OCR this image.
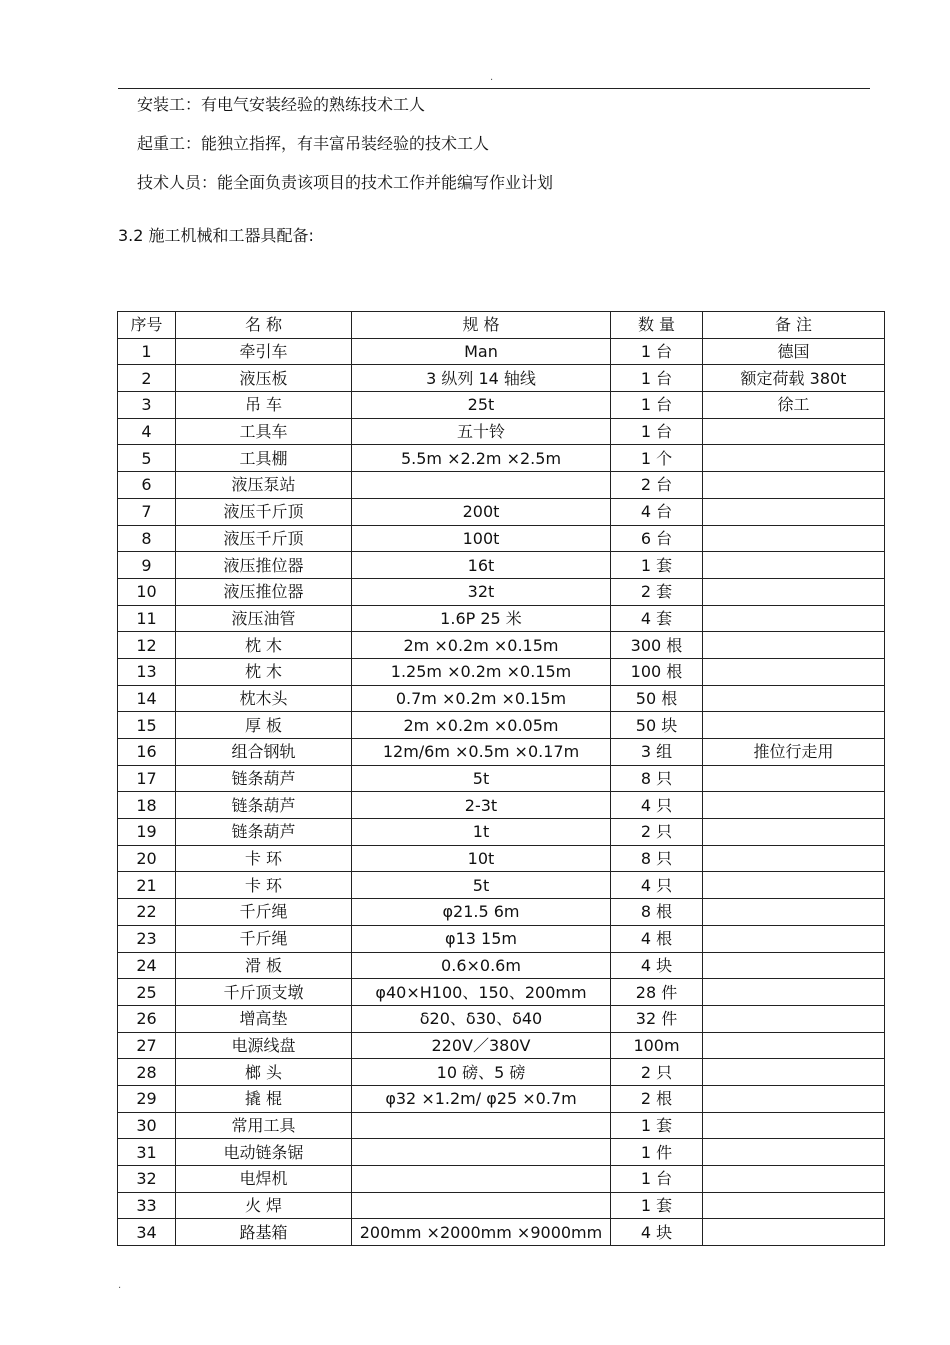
.
安装工：有电气安装经验的熟练技术工人
起重工：能独立指挥，有丰富吊装经验的技术工人
技术人员：能全面负责该项目的技术工作并能编写作业计划
3.2 施工机械和工器具配备:
序号	名 称	规 格	数 量	备 注
1	牵引车	Man	1 台	德国
2	液压板	3 纵列 14 轴线	1 台	额定荷载 380t
3	吊 车	25t	1 台	徐工
4	工具车	五十铃	1 台	
5	工具棚	5.5m ×2.2m ×2.5m	1 个	
6	液压泵站		2 台	
7	液压千斤顶	200t	4 台	
8	液压千斤顶	100t	6 台	
9	液压推位器	16t	1 套	
10	液压推位器	32t	2 套	
11	液压油管	1.6P 25 米	4 套	
12	枕 木	2m ×0.2m ×0.15m	300 根	
13	枕 木	1.25m ×0.2m ×0.15m	100 根	
14	枕木头	0.7m ×0.2m ×0.15m	50 根	
15	厚 板	2m ×0.2m ×0.05m	50 块	
16	组合钢轨	12m/6m ×0.5m ×0.17m	3 组	推位行走用
17	链条葫芦	5t	8 只	
18	链条葫芦	2-3t	4 只	
19	链条葫芦	1t	2 只	
20	卡 环	10t	8 只	
21	卡 环	5t	4 只	
22	千斤绳	φ21.5 6m	8 根	
23	千斤绳	φ13 15m	4 根	
24	滑 板	0.6×0.6m	4 块	
25	千斤顶支墩	φ40×H100、150、200mm	28 件	
26	增高垫	δ20、δ30、δ40	32 件	
27	电源线盘	220V／380V	100m	
28	榔 头	10 磅、5 磅	2 只	
29	撬 棍	φ32 ×1.2m/ φ25 ×0.7m	2 根	
30	常用工具		1 套	
31	电动链条锯		1 件	
32	电焊机		1 台	
33	火 焊		1 套	
34	路基箱	200mm ×2000mm ×9000mm	4 块	
.
